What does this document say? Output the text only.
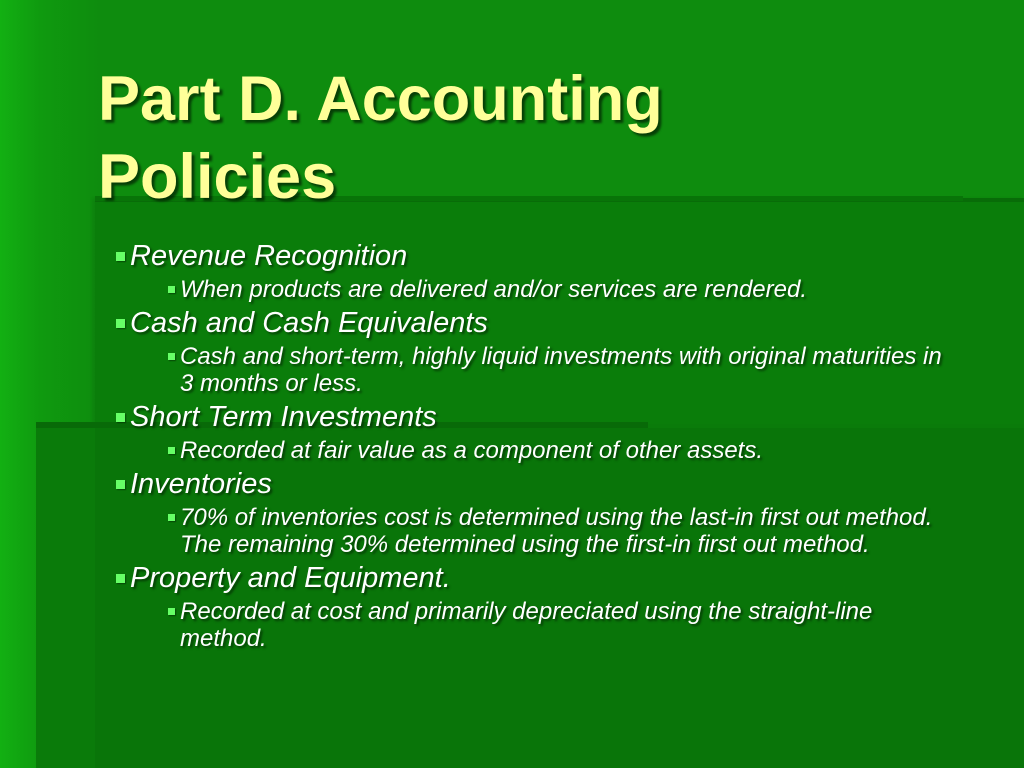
Part D. Accounting
Policies
Revenue Recognition
When products are delivered and/or services are rendered.
Cash and Cash Equivalents
Cash and short-term, highly liquid investments with original maturities in 3 months or less.
Short Term Investments
Recorded at fair value as a component of other assets.
Inventories
70% of inventories cost is determined using the last-in first out method. The remaining 30% determined using the first-in first out method.
Property and Equipment.
Recorded at cost and primarily depreciated using the straight-line method.
